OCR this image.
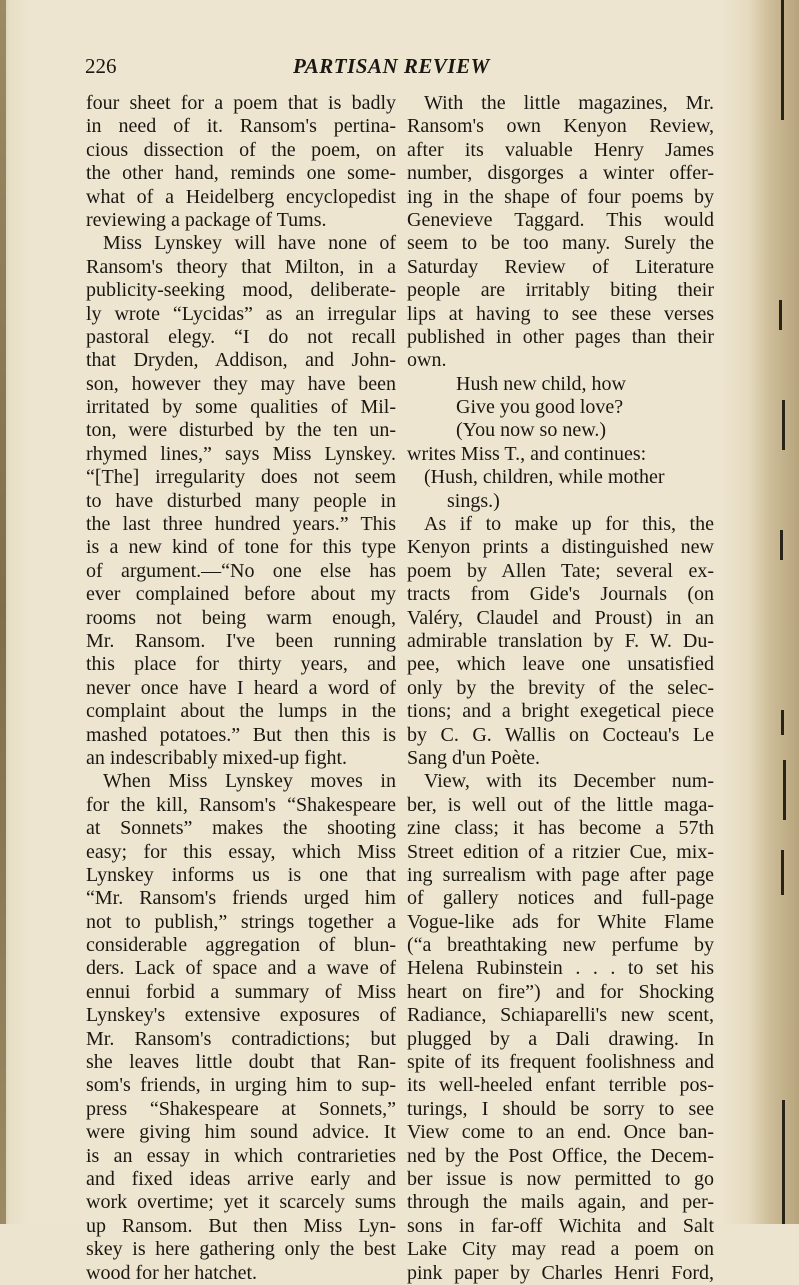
226	PARTISAN REVIEW
four sheet for a poem that is badly
in need of it. Ransom's pertina-
cious dissection of the poem, on
the other hand, reminds one some-
what of a Heidelberg encyclopedist
reviewing a package of Tums.
Miss Lynskey will have none of
Ransom's theory that Milton, in a
publicity-seeking mood, deliberate-
ly wrote “Lycidas” as an irregular
pastoral elegy. “I do not recall
that Dryden, Addison, and John-
son, however they may have been
irritated by some qualities of Mil-
ton, were disturbed by the ten un-
rhymed lines,” says Miss Lynskey.
“[The] irregularity does not seem
to have disturbed many people in
the last three hundred years.” This
is a new kind of tone for this type
of argument.—“No one else has
ever complained before about my
rooms not being warm enough,
Mr. Ransom. I've been running
this place for thirty years, and
never once have I heard a word of
complaint about the lumps in the
mashed potatoes.” But then this is
an indescribably mixed-up fight.
When Miss Lynskey moves in
for the kill, Ransom's “Shakespeare
at Sonnets” makes the shooting
easy; for this essay, which Miss
Lynskey informs us is one that
“Mr. Ransom's friends urged him
not to publish,” strings together a
considerable aggregation of blun-
ders. Lack of space and a wave of
ennui forbid a summary of Miss
Lynskey's extensive exposures of
Mr. Ransom's contradictions; but
she leaves little doubt that Ran-
som's friends, in urging him to sup-
press “Shakespeare at Sonnets,”
were giving him sound advice. It
is an essay in which contrarieties
and fixed ideas arrive early and
work overtime; yet it scarcely sums
up Ransom. But then Miss Lyn-
skey is here gathering only the best
wood for her hatchet.
With the little magazines, Mr.
Ransom's own Kenyon Review,
after its valuable Henry James
number, disgorges a winter offer-
ing in the shape of four poems by
Genevieve Taggard. This would
seem to be too many. Surely the
Saturday Review of Literature
people are irritably biting their
lips at having to see these verses
published in other pages than their
own.
Hush new child, how
Give you good love?
(You now so new.)
writes Miss T., and continues:
(Hush, children, while mother
sings.)
As if to make up for this, the
Kenyon prints a distinguished new
poem by Allen Tate; several ex-
tracts from Gide's Journals (on
Valéry, Claudel and Proust) in an
admirable translation by F. W. Du-
pee, which leave one unsatisfied
only by the brevity of the selec-
tions; and a bright exegetical piece
by C. G. Wallis on Cocteau's Le
Sang d'un Poète.
View, with its December num-
ber, is well out of the little maga-
zine class; it has become a 57th
Street edition of a ritzier Cue, mix-
ing surrealism with page after page
of gallery notices and full-page
Vogue-like ads for White Flame
(“a breathtaking new perfume by
Helena Rubinstein . . . to set his
heart on fire”) and for Shocking
Radiance, Schiaparelli's new scent,
plugged by a Dali drawing. In
spite of its frequent foolishness and
its well-heeled enfant terrible pos-
turings, I should be sorry to see
View come to an end. Once ban-
ned by the Post Office, the Decem-
ber issue is now permitted to go
through the mails again, and per-
sons in far-off Wichita and Salt
Lake City may read a poem on
pink paper by Charles Henri Ford,
